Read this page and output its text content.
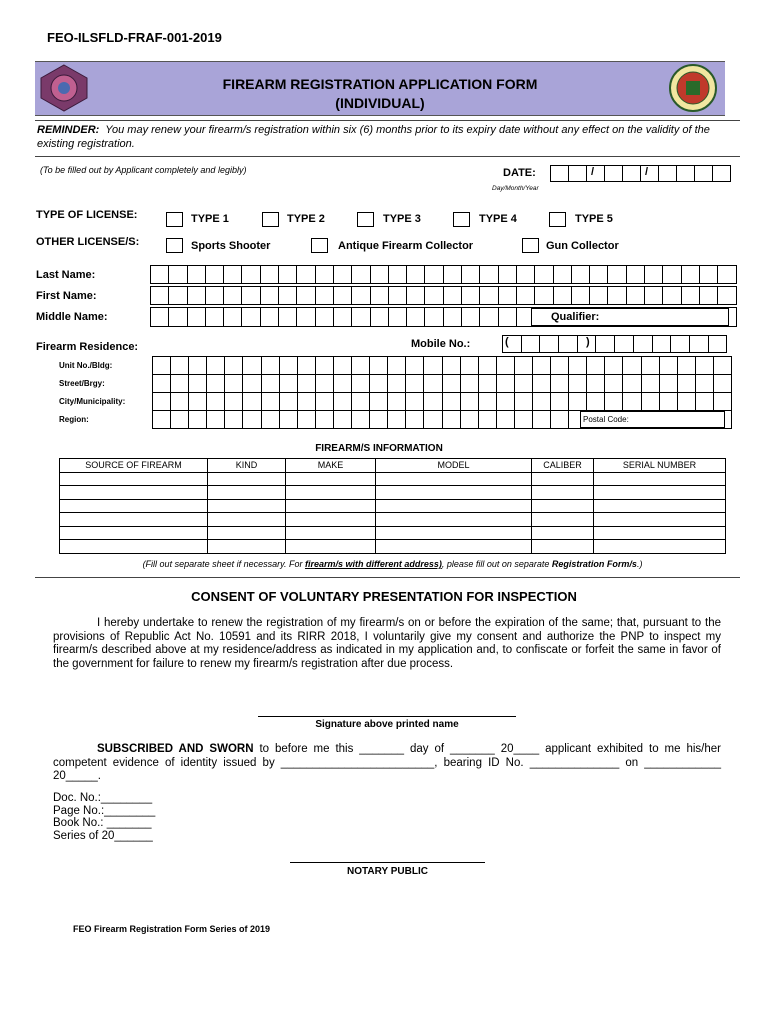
FEO-ILSFLD-FRAF-001-2019
FIREARM REGISTRATION APPLICATION FORM
(INDIVIDUAL)
REMINDER: You may renew your firearm/s registration within six (6) months prior to its expiry date without any effect on the validity of the existing registration.
(To be filled out by Applicant completely and legibly)	DATE:	/	/
Day/Month/Year
TYPE OF LICENSE:	TYPE 1	TYPE 2	TYPE 3	TYPE 4	TYPE 5
OTHER LICENSE/S:	Sports Shooter	Antique Firearm Collector	Gun Collector
Last Name:
First Name:
Middle Name:	Qualifier:
Firearm Residence:	Mobile No.:	(	)
Unit No./Bldg:
Street/Brgy:
City/Municipality:
Region:	Postal Code:
FIREARM/S INFORMATION
SOURCE OF FIREARM	KIND	MAKE	MODEL	CALIBER	SERIAL NUMBER

(Fill out separate sheet if necessary. For firearm/s with different address), please fill out on separate Registration Form/s.)
CONSENT OF VOLUNTARY PRESENTATION FOR INSPECTION
I hereby undertake to renew the registration of my firearm/s on or before the expiration of the same; that, pursuant to the provisions of Republic Act No. 10591 and its RIRR 2018, I voluntarily give my consent and authorize the PNP to inspect my firearm/s described above at my residence/address as indicated in my application and, to confiscate or forfeit the same in favor of the government for failure to renew my firearm/s registration after due process.
Signature above printed name
SUBSCRIBED AND SWORN to before me this _______ day of _______ 20____ applicant exhibited to me his/her competent evidence of identity issued by ________________________, bearing ID No. ______________ on ____________ 20_____.
Doc. No.:________
Page No.:________
Book No.: _______
Series of 20______
NOTARY PUBLIC
FEO Firearm Registration Form Series of 2019
